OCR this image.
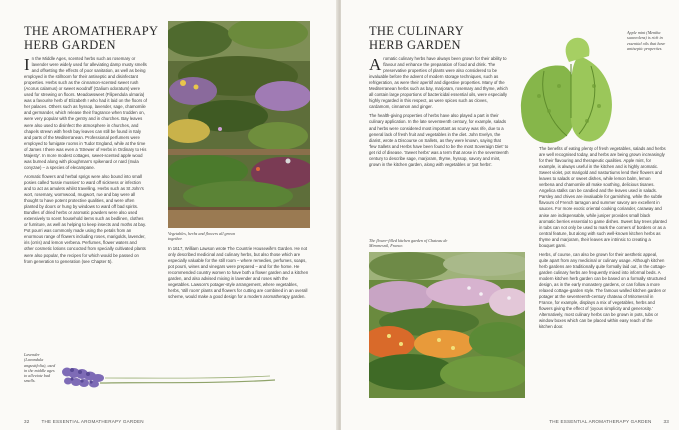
THE AROMATHERAPY
HERB GARDEN

In the Middle Ages, scented herbs such as rosemary or lavender were widely used for alleviating damp musty smells and offsetting the effects of poor sanitation, as well as being employed in the stillroom for their antiseptic and disinfectant properties. Herbs such as the cinnamon-scented sweet rush (Acorus calamus) or sweet woodruff (Galium odoratum) were used for strewing on floors. Meadowsweet (Filipendula ulmaria) was a favourite herb of Elizabeth I who had it laid on the floors of her palaces. Others such as hyssop, lavender, sage, chamomile and germander, which release their fragrance when trodden on, were very popular with the gentry and in churches. Bay leaves were also used to disinfect the atmosphere in churches, and chapels strewn with fresh bay leaves can still be found in Italy and parts of the Mediterranean. Professional perfumers were employed to fumigate rooms in Tudor England, while at the time of James I there was even a 'Strewer of Herbs in Ordinary to His Majesty'. In more modest cottages, sweet-scented apple wood was burned along with ploughman's spikenard or nard (Inula conyzae) – a species of elecampane.

Aromatic flowers and herbal sprigs were also bound into small posies called 'tussie mussies' to ward off sickness or infection and to act as amulets whilst travelling. Herbs such as St John's wort, rosemary, wormwood, mugwort, rue and bay were all thought to have potent protective qualities, and were often planted by doors or hung by windows to ward off bad spirits. Bundles of dried herbs or aromatic powders were also used extensively to scent household items such as bedlinen, clothes or furniture, as well as helping to keep insects and moths at bay. Pot pourri was commonly made using the petals from an enormous range of flowers including roses, marigolds, lavender, iris (orris) and lemon verbena. Perfumes, flower waters and other cosmetic lotions concocted from specially cultivated plants were also popular, the recipes for which would be passed on from generation to generation (see Chapter 5).

Vegetables, herbs and flowers all grown together.

In 1617, William Lawson wrote The Countrie Housewife's Garden. He not only described medicinal and culinary herbs, but also those which are especially valuable for the still room – where remedies, perfumes, soaps, pot pourri, wines and vinegars were prepared – and for the home. He recommended country women to have both a flower garden and a kitchen garden, and also advised mixing in lavender and roses with the vegetables. Lawson's potager-style arrangement, where vegetables, herbs, 'still room' plants and flowers for cutting are combined in an overall scheme, would make a good design for a modern aromatherapy garden.

Lavender (Lavandula angustifolia), used in the middle ages to alleviate bad smells.
32	THE ESSENTIAL AROMATHERAPY GARDEN
THE CULINARY
HERB GARDEN

Aromatic culinary herbs have always been grown for their ability to flavour and enhance the preparation of food and drink. The preservative properties of plants were also considered to be invaluable before the advent of modern storage techniques, such as refrigeration, as were their aperitif and digestive properties. Many of the Mediterranean herbs such as bay, marjoram, rosemary and thyme, which all contain large proportions of bactericidal essential oils, were especially highly regarded in this respect, as were spices such as cloves, cardamom, cinnamon and ginger.

The health-giving properties of herbs have also played a part in their culinary application. In the late seventeenth century, for example, salads and herbs were considered most important as scurvy was rife, due to a general lack of fresh fruit and vegetables in the diet. John Evelyn, the diarist, wrote a Discourse on Sallets, as they were known, saying that 'few Sallets and Herbs have been found to be the most Soveraign Diet' to get rid of disease. 'Sweet herbs' was a term that arose in the seventeenth century to describe sage, marjoram, thyme, hyssop, savory and mint, grown in the kitchen garden, along with vegetables or 'pot herbs'.

Apple mint (Mentha suaveolens) is rich in essential oils that have antiseptic properties.

The benefits of eating plenty of fresh vegetables, salads and herbs are well recognised today, and herbs are being grown increasingly for their flavouring and therapeutic qualities. Apple mint, for example, is always useful in the kitchen and is highly aromatic. Sweet violet, pot marigold and nasturtiums lend their flowers and leaves to salads or sweet dishes, while lemon balm, lemon verbena and chamomile all make soothing, delicious tisanes. Angelica stalks can be candied and the leaves used in salads. Parsley and chives are invaluable for garnishing, while the subtle flavours of French tarragon and summer savory are excellent in sauces. For more exotic oriental cooking coriander, caraway and anise are indispensable, while juniper provides small black aromatic berries essential to game dishes. Sweet bay trees planted in tubs can not only be used to mark the corners of borders or as a central feature, but along with such well-known kitchen herbs as thyme and marjoram, their leaves are intrinsic to creating a bouquet garni.

Herbs, of course, can also be grown for their aesthetic appeal, quite apart from any medicinal or culinary usage. Although kitchen herb gardens are traditionally quite formally laid out, in the cottage-garden culinary herbs are frequently mixed into informal beds. A modern kitchen herb garden can be based on a formally structured design, as in the early monastery gardens, or can follow a more relaxed cottage-garden style. The famous walled kitchen garden or potager at the seventeenth-century chateau of Miromesnil in France, for example, displays a mix of vegetables, herbs and flowers giving the effect of 'joyous simplicity and generosity.' Alternatively, most culinary herbs can be grown in pots, tubs or window boxes which can be placed within easy reach of the kitchen door.

The flower-filled kitchen garden of Chateau de Miromesnil, France.
THE ESSENTIAL AROMATHERAPY GARDEN	33
